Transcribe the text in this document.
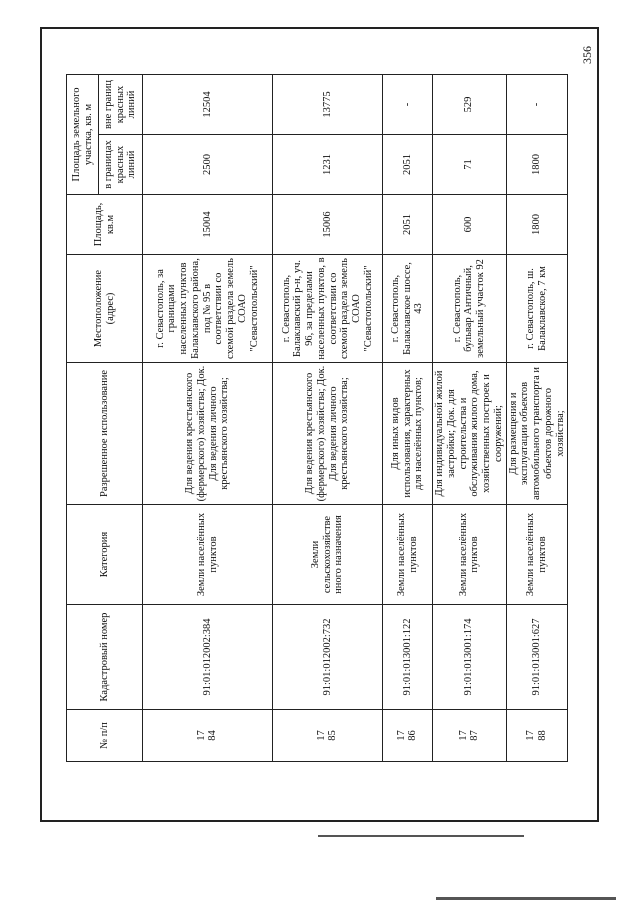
356
№ п/п	Кадастровый номер	Категория	Разрешенное использование	Местоположение (адрес)	Площадь, кв.м	Площадь земельного участка, кв. м	
						в границах красных линий	вне границ красных линий
1784	91:01:012002:384	Земли населённых пунктов	Для ведения крестьянского (фермерского) хозяйства; Док. Для ведения личного крестьянского хозяйства;	г. Севастополь, за границами населенных пунктов Балаклавского района, под № 95 в соответствии со схемой раздела земель СОАО "Севастопольский"	15004	2500	12504
1785	91:01:012002:732	Земли сельскохозяйстве нного назначения	Для ведения крестьянского (фермерского) хозяйства; Док. Для ведения личного крестьянского хозяйства;	г. Севастополь, Балаклавский р-н, уч. 96, за пределами населенных пунктов, в соответствии со схемой раздела земель СОАО "Севастопольский"	15006	1231	13775
1786	91:01:013001:122	Земли населённых пунктов	Для иных видов использования, характерных для населённых пунктов;	г. Севастополь, Балаклавское шоссе, 43	2051	2051	-
1787	91:01:013001:174	Земли населённых пунктов	Для индивидуальной жилой застройки; Док. для строительства и обслуживания жилого дома, хозяйственных построек и сооружений;	г. Севастополь, бульвар Античный, земельный участок 92	600	71	529
1788	91:01:013001:627	Земли населённых пунктов	Для размещения и эксплуатации объектов автомобильного транспорта и объектов дорожного хозяйства;	г. Севастополь, ш. Балаклавское, 7 км	1800	1800	-
